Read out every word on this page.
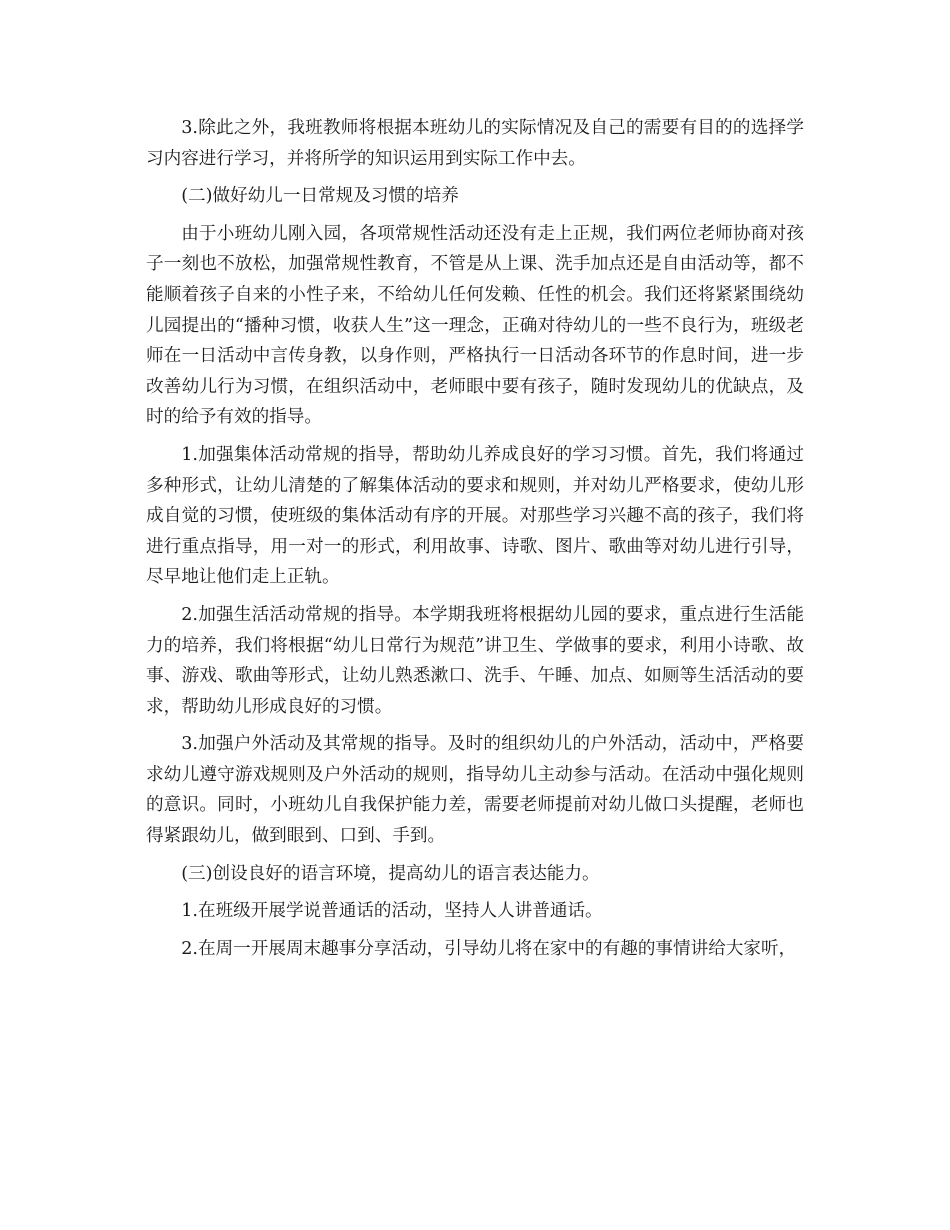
3.除此之外，我班教师将根据本班幼儿的实际情况及自己的需要有目的的选择学习内容进行学习，并将所学的知识运用到实际工作中去。

(二)做好幼儿一日常规及习惯的培养

由于小班幼儿刚入园，各项常规性活动还没有走上正规，我们两位老师协商对孩子一刻也不放松，加强常规性教育，不管是从上课、洗手加点还是自由活动等，都不能顺着孩子自来的小性子来，不给幼儿任何发赖、任性的机会。我们还将紧紧围绕幼儿园提出的“播种习惯，收获人生”这一理念，正确对待幼儿的一些不良行为，班级老师在一日活动中言传身教，以身作则，严格执行一日活动各环节的作息时间，进一步改善幼儿行为习惯，在组织活动中，老师眼中要有孩子，随时发现幼儿的优缺点，及时的给予有效的指导。

1.加强集体活动常规的指导，帮助幼儿养成良好的学习习惯。首先，我们将通过多种形式，让幼儿清楚的了解集体活动的要求和规则，并对幼儿严格要求，使幼儿形成自觉的习惯，使班级的集体活动有序的开展。对那些学习兴趣不高的孩子，我们将进行重点指导，用一对一的形式，利用故事、诗歌、图片、歌曲等对幼儿进行引导，尽早地让他们走上正轨。

2.加强生活活动常规的指导。本学期我班将根据幼儿园的要求，重点进行生活能力的培养，我们将根据“幼儿日常行为规范”讲卫生、学做事的要求，利用小诗歌、故事、游戏、歌曲等形式，让幼儿熟悉漱口、洗手、午睡、加点、如厕等生活活动的要求，帮助幼儿形成良好的习惯。

3.加强户外活动及其常规的指导。及时的组织幼儿的户外活动，活动中，严格要求幼儿遵守游戏规则及户外活动的规则，指导幼儿主动参与活动。在活动中强化规则的意识。同时，小班幼儿自我保护能力差，需要老师提前对幼儿做口头提醒，老师也得紧跟幼儿，做到眼到、口到、手到。

(三)创设良好的语言环境，提高幼儿的语言表达能力。

1.在班级开展学说普通话的活动，坚持人人讲普通话。

2.在周一开展周末趣事分享活动，引导幼儿将在家中的有趣的事情讲给大家听，
